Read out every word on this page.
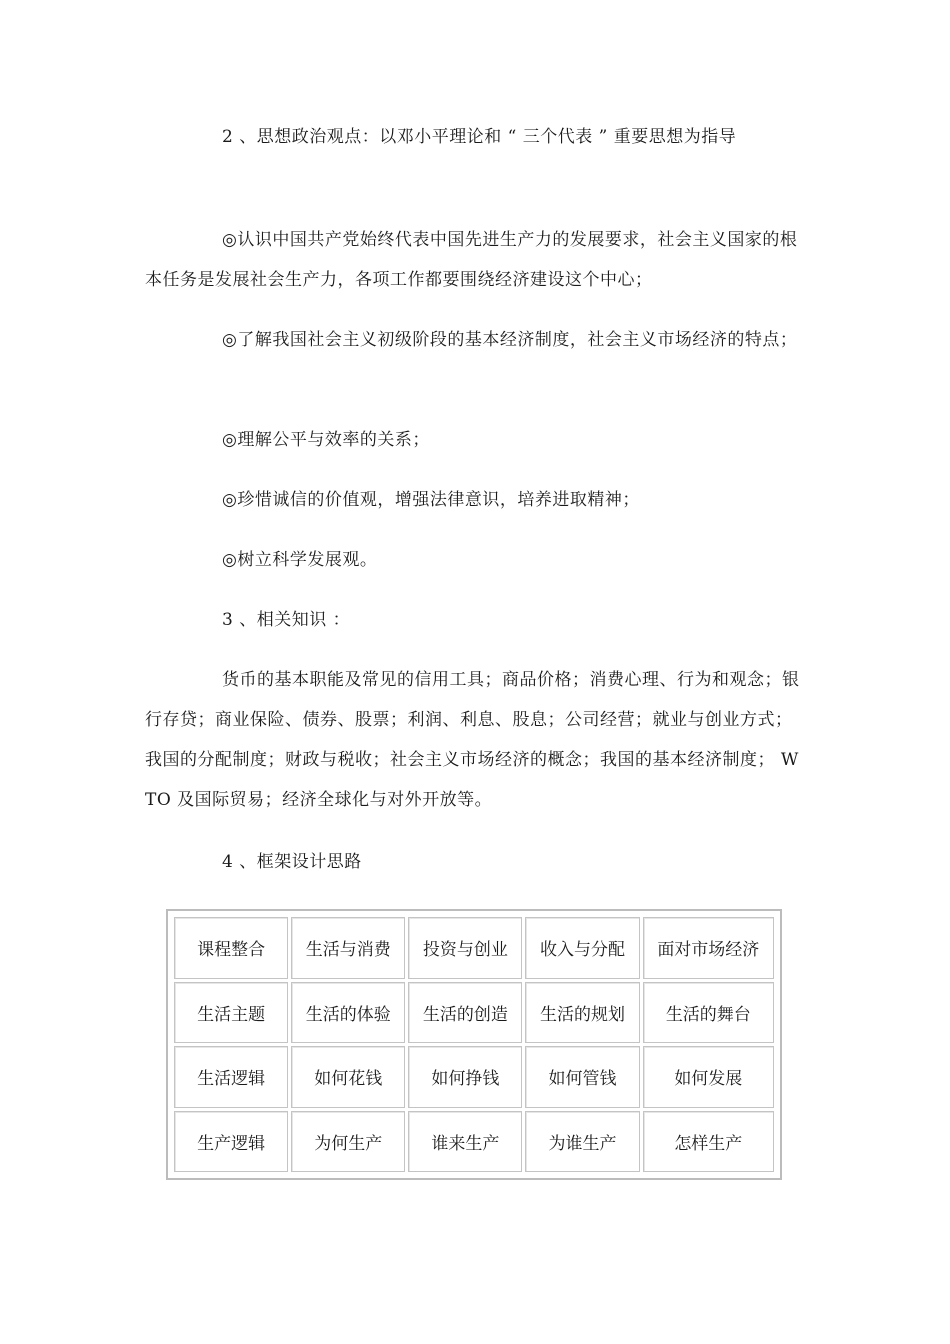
2 、思想政治观点：以邓小平理论和 “ 三个代表 ” 重要思想为指导

◎认识中国共产党始终代表中国先进生产力的发展要求，社会主义国家的根本任务是发展社会生产力，各项工作都要围绕经济建设这个中心；

◎了解我国社会主义初级阶段的基本经济制度，社会主义市场经济的特点；

◎理解公平与效率的关系；

◎珍惜诚信的价值观，增强法律意识，培养进取精神；

◎树立科学发展观。

3 、相关知识 ：

货币的基本职能及常见的信用工具；商品价格；消费心理、行为和观念；银行存贷；商业保险、债券、股票；利润、利息、股息；公司经营；就业与创业方式；我国的分配制度；财政与税收；社会主义市场经济的概念；我国的基本经济制度； WTO 及国际贸易；经济全球化与对外开放等。

4 、框架设计思路

课程整合	生活与消费	投资与创业	收入与分配	面对市场经济
生活主题	生活的体验	生活的创造	生活的规划	生活的舞台
生活逻辑	如何花钱	如何挣钱	如何管钱	如何发展
生产逻辑	为何生产	谁来生产	为谁生产	怎样生产
